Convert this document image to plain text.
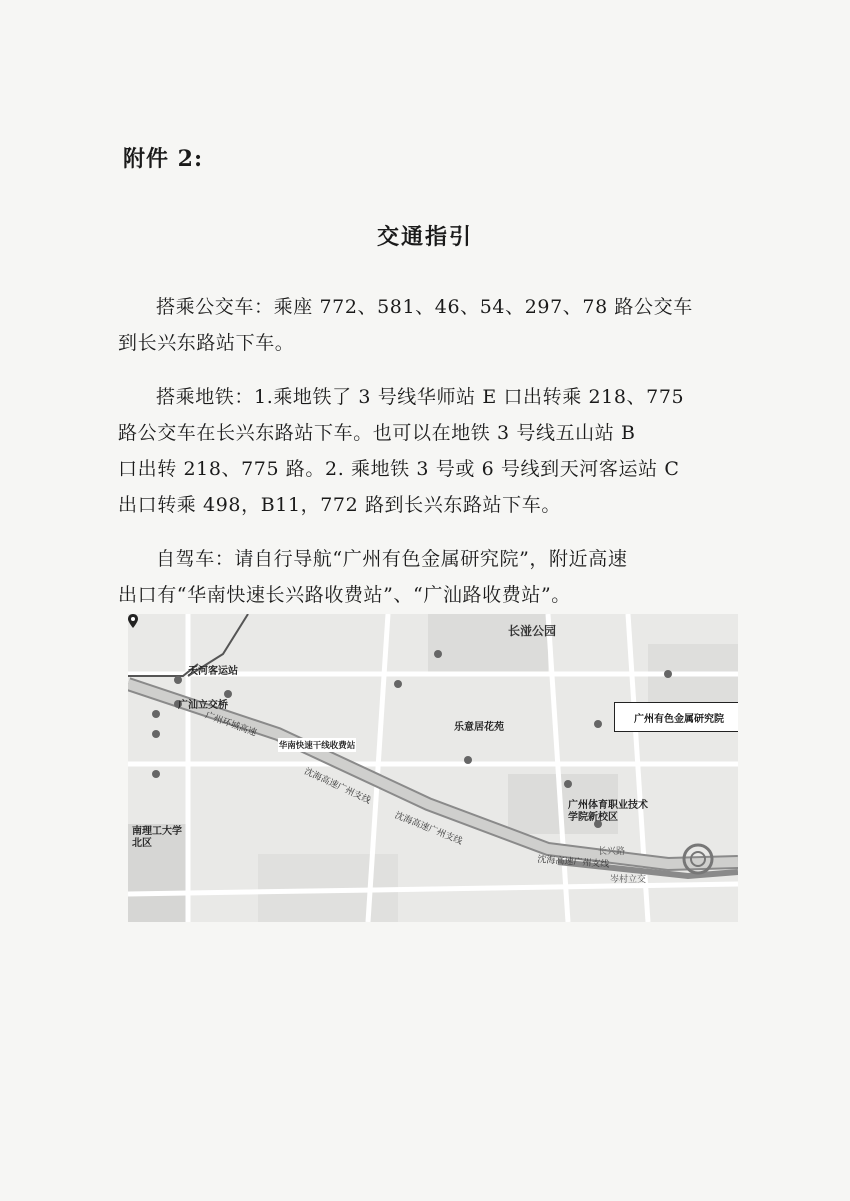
附件 2:
交通指引
搭乘公交车：乘座 772、581、46、54、297、78 路公交车
到长兴东路站下车。
搭乘地铁：1.乘地铁了 3 号线华师站 E 口出转乘 218、775
路公交车在长兴东路站下车。也可以在地铁 3 号线五山站 B
口出转 218、775 路。2. 乘地铁 3 号或 6 号线到天河客运站 C
出口转乘 498，B11，772 路到长兴东路站下车。
自驾车：请自行导航“广州有色金属研究院”，附近高速
出口有“华南快速长兴路收费站”、“广汕路收费站”。
长湴公园
天河客运站
广汕立交桥
乐意居花苑
广州体育职业技术学院新校区
南理工大学北区
长兴路
岑村立交
广州环城高速
沈海高速广州支线
沈海高速广州支线
沈海高速广州支线
华南快速干线收费站
广州有色金属研究院
